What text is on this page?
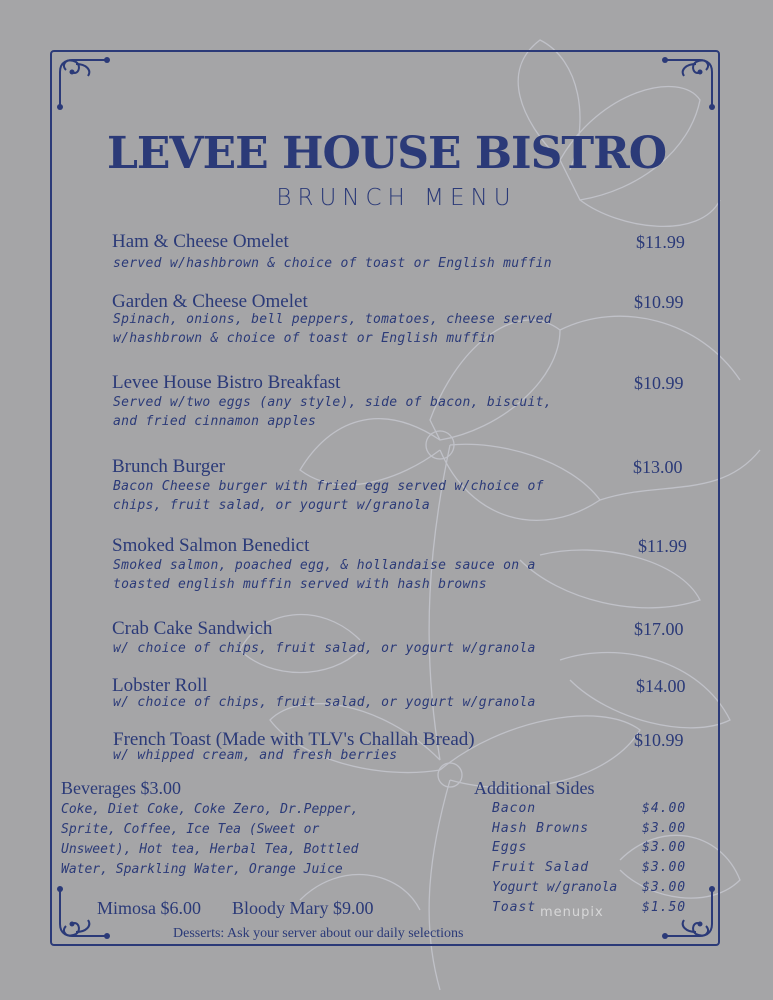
LEVEE HOUSE BISTRO
BRUNCH MENU
Ham & Cheese Omelet	$11.99
served w/hashbrown & choice of toast or English muffin
Garden & Cheese Omelet	$10.99
Spinach, onions, bell peppers, tomatoes, cheese served
w/hashbrown & choice of toast or English muffin
Levee House Bistro Breakfast	$10.99
Served w/two eggs (any style), side of bacon, biscuit,
and fried cinnamon apples
Brunch Burger	$13.00
Bacon Cheese burger with fried egg served w/choice of
chips, fruit salad, or yogurt w/granola
Smoked Salmon Benedict	$11.99
Smoked salmon, poached egg, & hollandaise sauce on a
toasted english muffin served with hash browns
Crab Cake Sandwich	$17.00
w/ choice of chips, fruit salad, or yogurt w/granola
Lobster Roll	$14.00
w/ choice of chips, fruit salad, or yogurt w/granola
French Toast (Made with TLV's Challah Bread)	$10.99
w/ whipped cream, and fresh berries
Beverages $3.00
Coke, Diet Coke, Coke Zero, Dr.Pepper,
Sprite, Coffee, Ice Tea (Sweet or
Unsweet), Hot tea, Herbal Tea, Bottled
Water, Sparkling Water, Orange Juice
Additional Sides
Bacon	$4.00
Hash Browns	$3.00
Eggs	$3.00
Fruit Salad	$3.00
Yogurt w/granola $3.00
Toast	$1.50
Mimosa $6.00 Bloody Mary $9.00
Desserts: Ask your server about our daily selections
menupix
